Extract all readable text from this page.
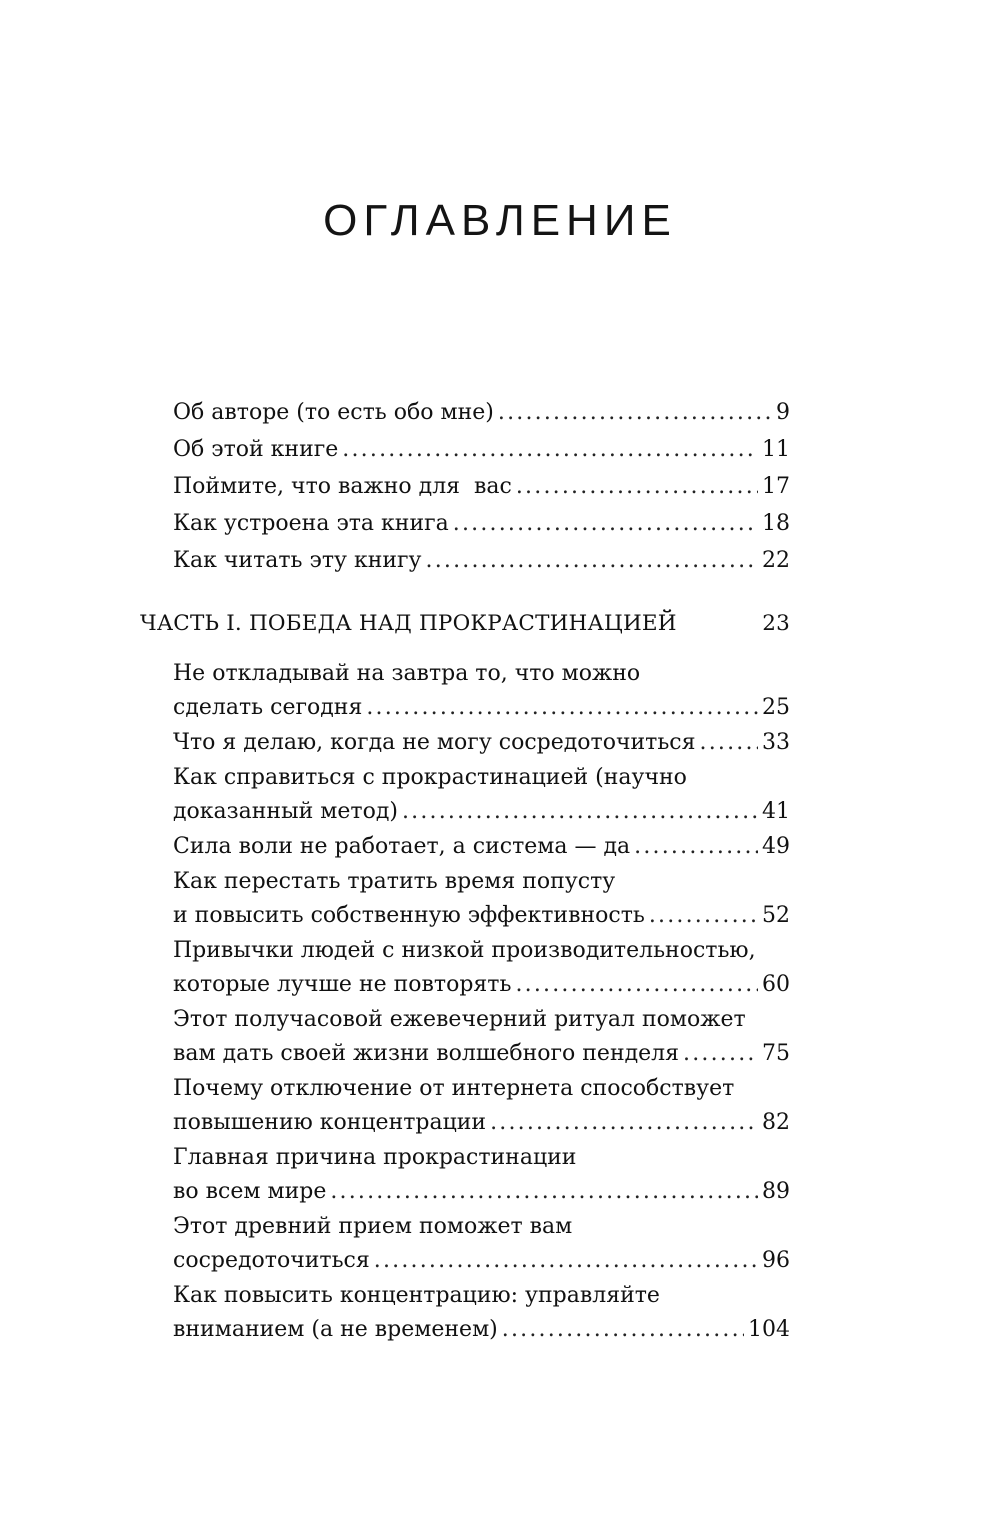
ОГЛАВЛЕНИЕ
Об авторе (то есть обо мне) .....	9
Об этой книге .....	11
Поймите, что важно для  вас .....	17
Как устроена эта книга .....	18
Как читать эту книгу .....	22
ЧАСТЬ I. ПОБЕДА НАД ПРОКРАСТИНАЦИЕЙ	23
Не откладывай на завтра то, что можно
сделать сегодня .....	25
Что я делаю, когда не могу сосредоточиться .....	33
Как справиться с прокрастинацией (научно
доказанный метод) .....	41
Сила воли не работает, а система — да .....	49
Как перестать тратить время попусту
и повысить собственную эффективность .....	52
Привычки людей с низкой производительностью,
которые лучше не повторять .....	60
Этот получасовой ежевечерний ритуал поможет
вам дать своей жизни волшебного пенделя .....	75
Почему отключение от интернета способствует
повышению концентрации .....	82
Главная причина прокрастинации
во всем мире .....	89
Этот древний прием поможет вам
сосредоточиться .....	96
Как повысить концентрацию: управляйте
вниманием (а не временем) .....	104
